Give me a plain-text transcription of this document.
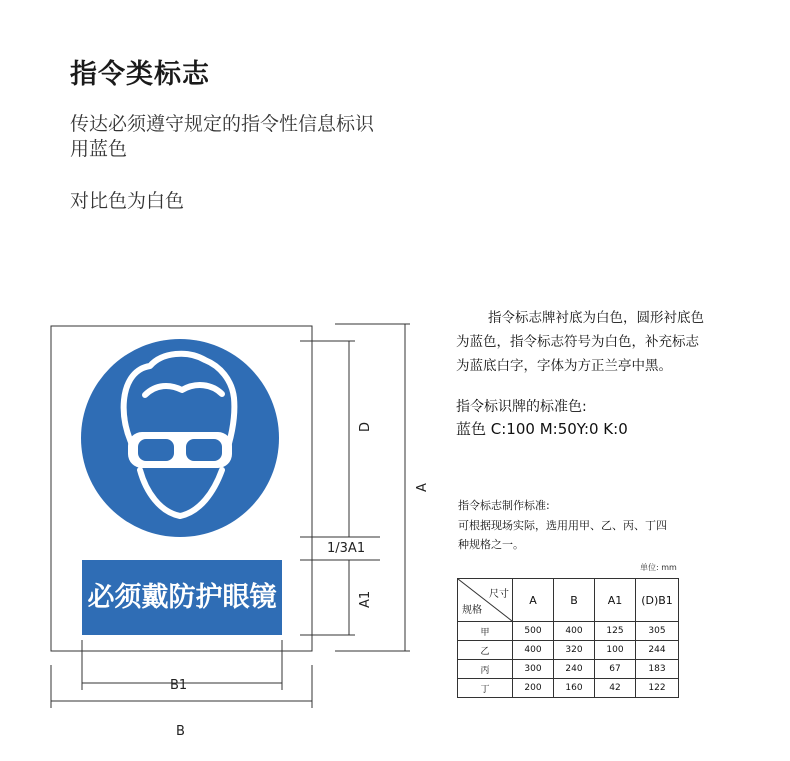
指令类标志
传达必须遵守规定的指令性信息标识
用蓝色
对比色为白色
必须戴防护眼镜
D
A
1/3A1
A1
B1
B

指令标志牌衬底为白色，圆形衬底色

为蓝色，指令标志符号为白色，补充标志

为蓝底白字，字体为方正兰亭中黑。

指令标识牌的标准色:
蓝色 C:100 M:50Y:0 K:0
指令标志制作标准:
可根据现场实际，选用用甲、乙、丙、丁四
种规格之一。
单位: mm
尺寸
规格	A	B	A1	(D)B1
甲	500	400	125	305
乙	400	320	100	244
丙	300	240	67	183
丁	200	160	42	122
